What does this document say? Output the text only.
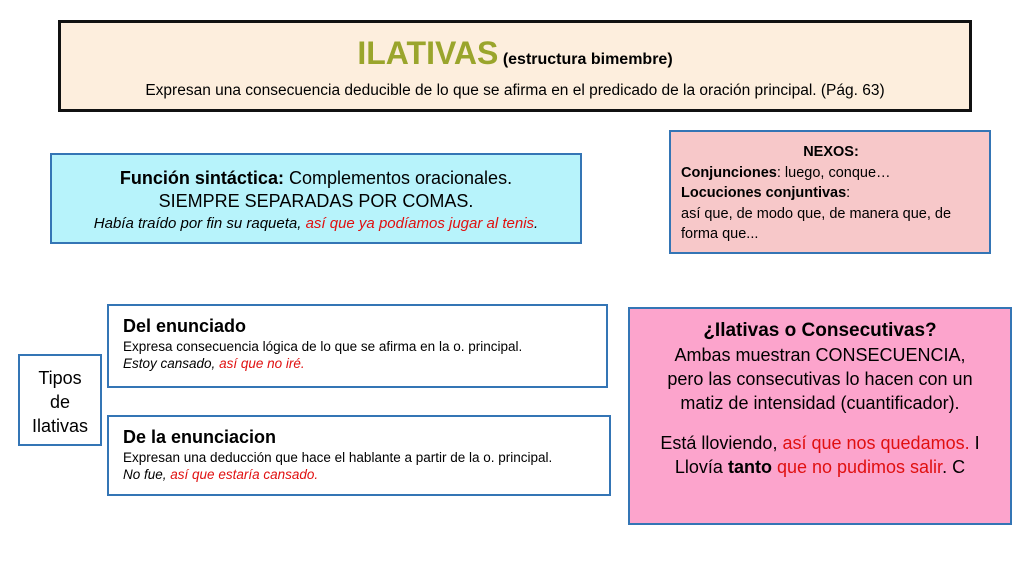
ILATIVAS (estructura bimembre)
Expresan una consecuencia deducible de lo que se afirma en el predicado de la oración principal. (Pág. 63)
Función sintáctica: Complementos oracionales.
SIEMPRE SEPARADAS POR COMAS.
Había traído por fin su raqueta, así que ya podíamos jugar al tenis.
NEXOS:
Conjunciones: luego, conque…
Locuciones conjuntivas:
así que, de modo que, de manera que, de forma que...
Tipos
de
Ilativas
Del enunciado
Expresa consecuencia lógica de lo que se afirma en la o. principal.
Estoy cansado, así que no iré.
De la enunciacion
Expresan una deducción que hace el hablante a partir de la o. principal.
No fue, así que estaría cansado.
¿Ilativas o Consecutivas?
Ambas muestran CONSECUENCIA,
pero las consecutivas lo hacen con un
matiz de intensidad (cuantificador).
Está lloviendo, así que nos quedamos. I
Llovía tanto que no pudimos salir. C
